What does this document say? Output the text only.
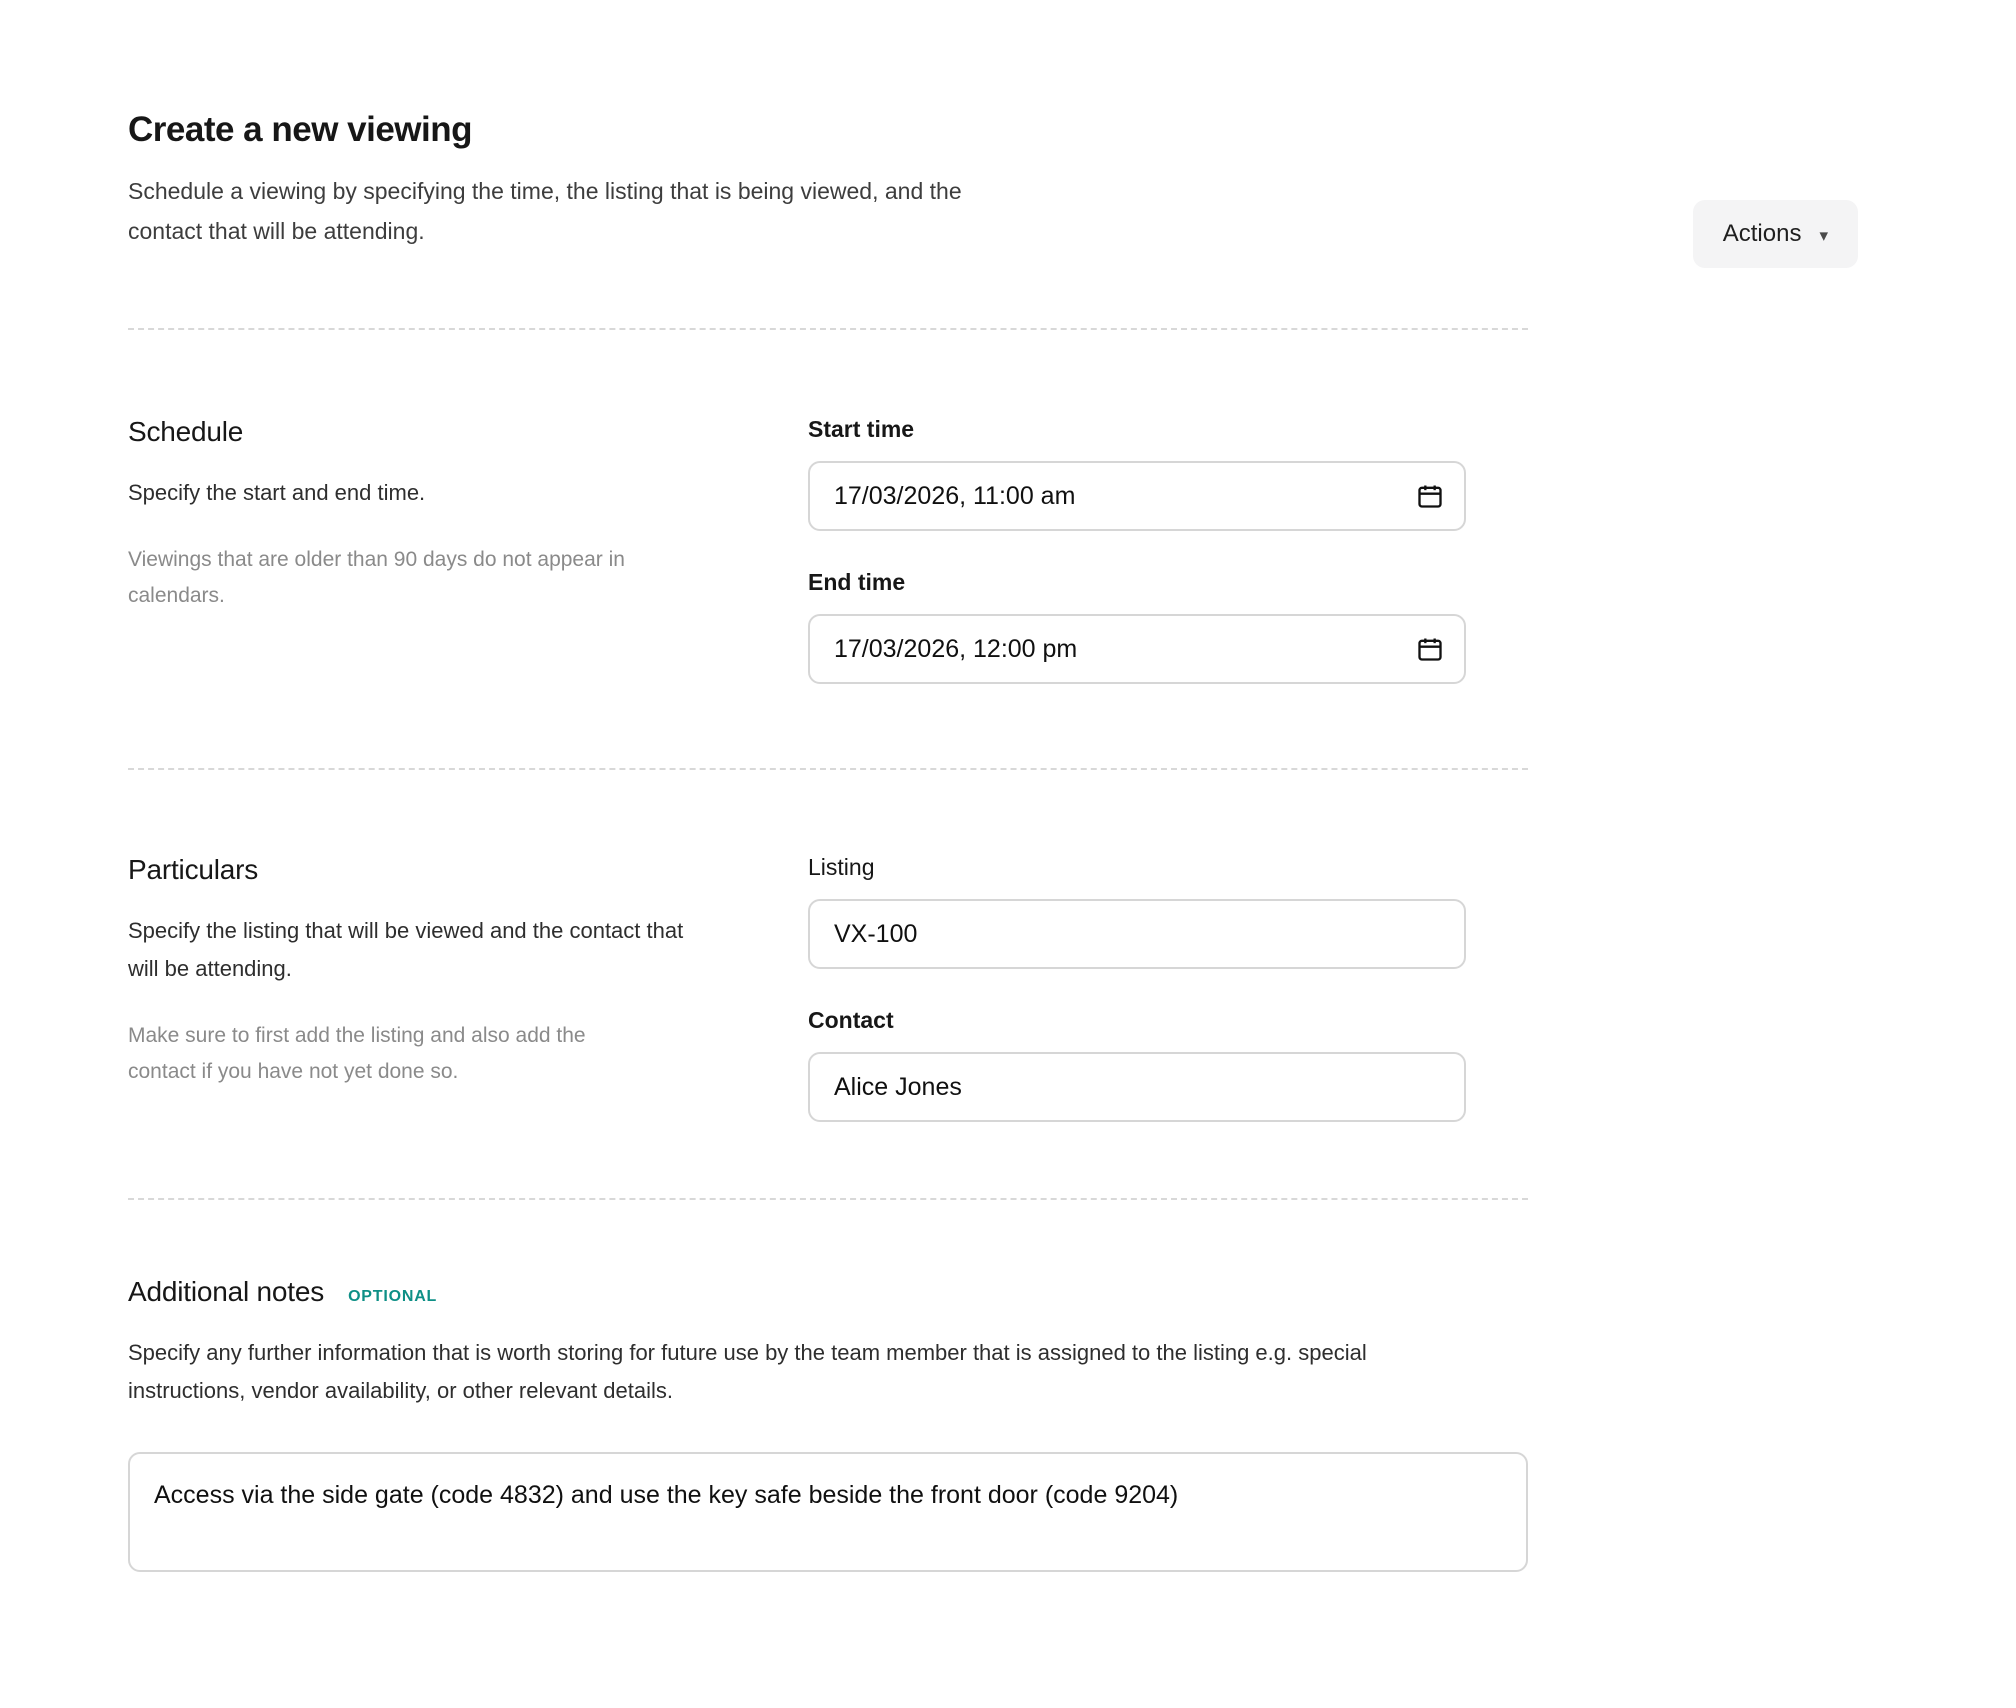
Create a new viewing

Schedule a viewing by specifying the time, the listing that is being viewed, and the contact that will be attending.	Actions ▾
Schedule

Specify the start and end time.

Viewings that are older than 90 days do not appear in calendars.

Start time
17/03/2026, 11:00 am
End time
17/03/2026, 12:00 pm
Particulars

Specify the listing that will be viewed and the contact that will be attending.

Make sure to first add the listing and also add the contact if you have not yet done so.

Listing
VX-100
Contact
Alice Jones
Additional notes OPTIONAL

Specify any further information that is worth storing for future use by the team member that is assigned to the listing e.g. special instructions, vendor availability, or other relevant details.

Access via the side gate (code 4832) and use the key safe beside the front door (code 9204)
